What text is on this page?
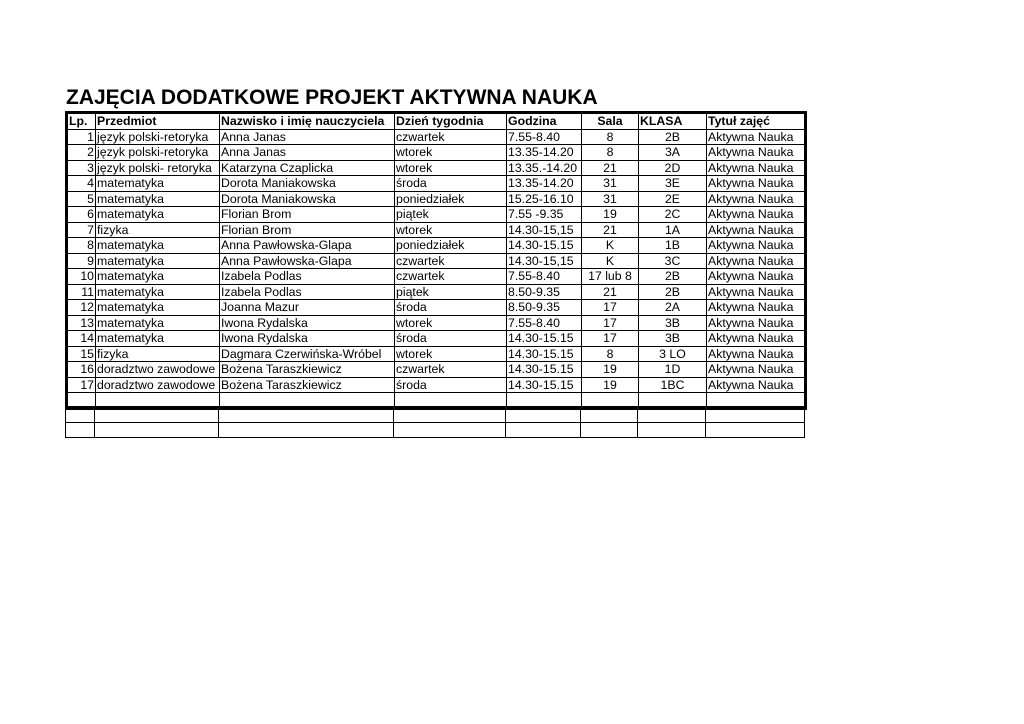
ZAJĘCIA DODATKOWE PROJEKT AKTYWNA NAUKA
Lp.	Przedmiot	Nazwisko i imię nauczyciela	Dzień tygodnia	Godzina	Sala	KLASA	Tytuł zajęć
1	język polski-retoryka	Anna Janas	czwartek	7.55-8.40	8	2B	Aktywna Nauka
2	język polski-retoryka	Anna Janas	wtorek	13.35-14.20	8	3A	Aktywna Nauka
3	język polski- retoryka	Katarzyna Czaplicka	wtorek	13.35.-14.20	21	2D	Aktywna Nauka
4	matematyka	Dorota Maniakowska	środa	13.35-14.20	31	3E	Aktywna Nauka
5	matematyka	Dorota Maniakowska	poniedziałek	15.25-16.10	31	2E	Aktywna Nauka
6	matematyka	Florian Brom	piątek	7.55 -9.35	19	2C	Aktywna Nauka
7	fizyka	Florian Brom	wtorek	14.30-15,15	21	1A	Aktywna Nauka
8	matematyka	Anna Pawłowska-Glapa	poniedziałek	14.30-15.15	K	1B	Aktywna Nauka
9	matematyka	Anna Pawłowska-Glapa	czwartek	14.30-15,15	K	3C	Aktywna Nauka
10	matematyka	Izabela Podlas	czwartek	7.55-8.40	17 lub 8	2B	Aktywna Nauka
11	matematyka	Izabela Podlas	piątek	8.50-9.35	21	2B	Aktywna Nauka
12	matematyka	Joanna Mazur	środa	8.50-9.35	17	2A	Aktywna Nauka
13	matematyka	Iwona Rydalska	wtorek	7.55-8.40	17	3B	Aktywna Nauka
14	matematyka	Iwona Rydalska	środa	14.30-15.15	17	3B	Aktywna Nauka
15	fizyka	Dagmara Czerwińska-Wróbel	wtorek	14.30-15.15	8	3 LO	Aktywna Nauka
16	doradztwo zawodowe	Bożena Taraszkiewicz	czwartek	14.30-15.15	19	1D	Aktywna Nauka
17	doradztwo zawodowe	Bożena Taraszkiewicz	środa	14.30-15.15	19	1BC	Aktywna Nauka
